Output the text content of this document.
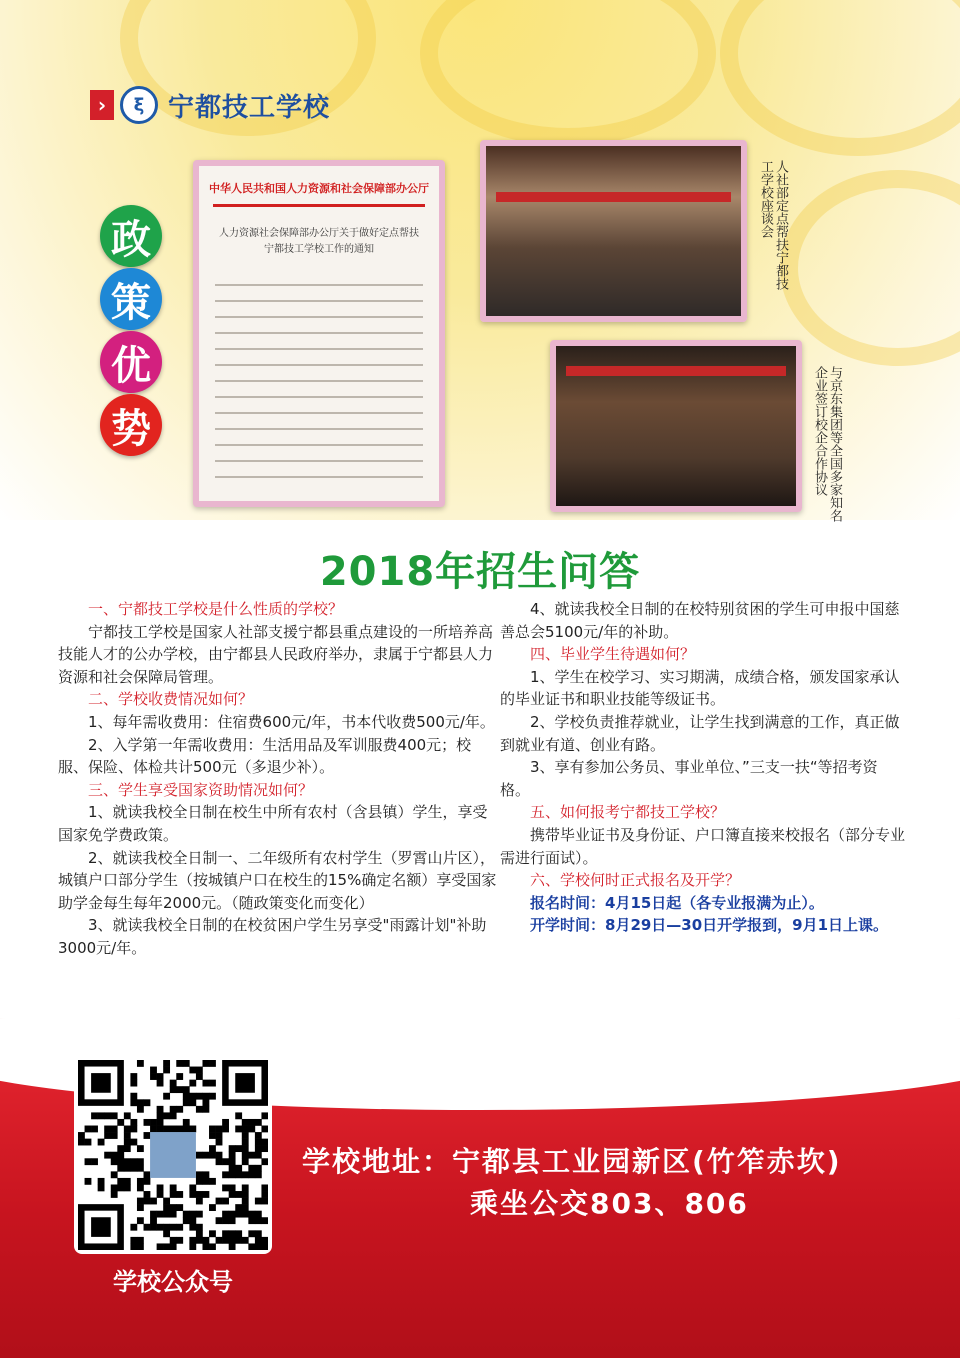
›	ξ 宁都技工学校
政
策
优
势
中华人民共和国人力资源和社会保障部办公厅
人力资源社会保障部办公厅关于做好定点帮扶宁都技工学校工作的通知	人社部定点帮扶宁都技工学校座谈会
与京东集团等全国多家知名企业签订校企合作协议
2018年招生问答

一、宁都技工学校是什么性质的学校？

宁都技工学校是国家人社部支援宁都县重点建设的一所培养高技能人才的公办学校，由宁都县人民政府举办，隶属于宁都县人力资源和社会保障局管理。

二、学校收费情况如何？

1、每年需收费用：住宿费600元/年，书本代收费500元/年。

2、入学第一年需收费用：生活用品及军训服费400元；校服、保险、体检共计500元（多退少补）。

三、学生享受国家资助情况如何？

1、就读我校全日制在校生中所有农村（含县镇）学生，享受国家免学费政策。

2、就读我校全日制一、二年级所有农村学生（罗霄山片区），城镇户口部分学生（按城镇户口在校生的15%确定名额）享受国家助学金每生每年2000元。（随政策变化而变化）

3、就读我校全日制的在校贫困户学生另享受"雨露计划"补助3000元/年。

4、就读我校全日制的在校特别贫困的学生可申报中国慈善总会5100元/年的补助。

四、毕业学生待遇如何？

1、学生在校学习、实习期满，成绩合格，颁发国家承认的毕业证书和职业技能等级证书。

2、学校负责推荐就业，让学生找到满意的工作，真正做到就业有道、创业有路。

3、享有参加公务员、事业单位、”三支一扶“等招考资格。

五、如何报考宁都技工学校？

携带毕业证书及身份证、户口簿直接来校报名（部分专业需进行面试）。

六、学校何时正式报名及开学？

报名时间：4月15日起（各专业报满为止）。

开学时间：8月29日—30日开学报到，9月1日上课。

学校公众号
学校地址：宁都县工业园新区(竹笮赤坎)
乘坐公交803、806
